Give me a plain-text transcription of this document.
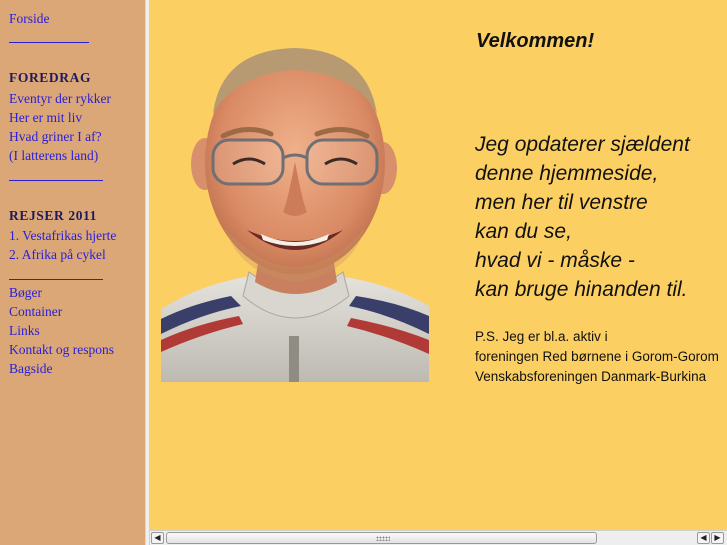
Forside
FOREDRAG
Eventyr der rykker
Her er mit liv
Hvad griner I af?
(I latterens land)
REJSER 2011
1. Vestafrikas hjerte
2. Afrika på cykel
Bøger
Container
Links
Kontakt og respons
Bagside
Velkommen!
Jeg opdaterer sjældent
denne hjemmeside,
men her til venstre
kan du se,
hvad vi - måske -
kan bruge hinanden til.
P.S. Jeg er bl.a. aktiv i
foreningen Red børnene i Gorom-Gorom
Venskabsforeningen Danmark-Burkina
◀	◀ ▶
